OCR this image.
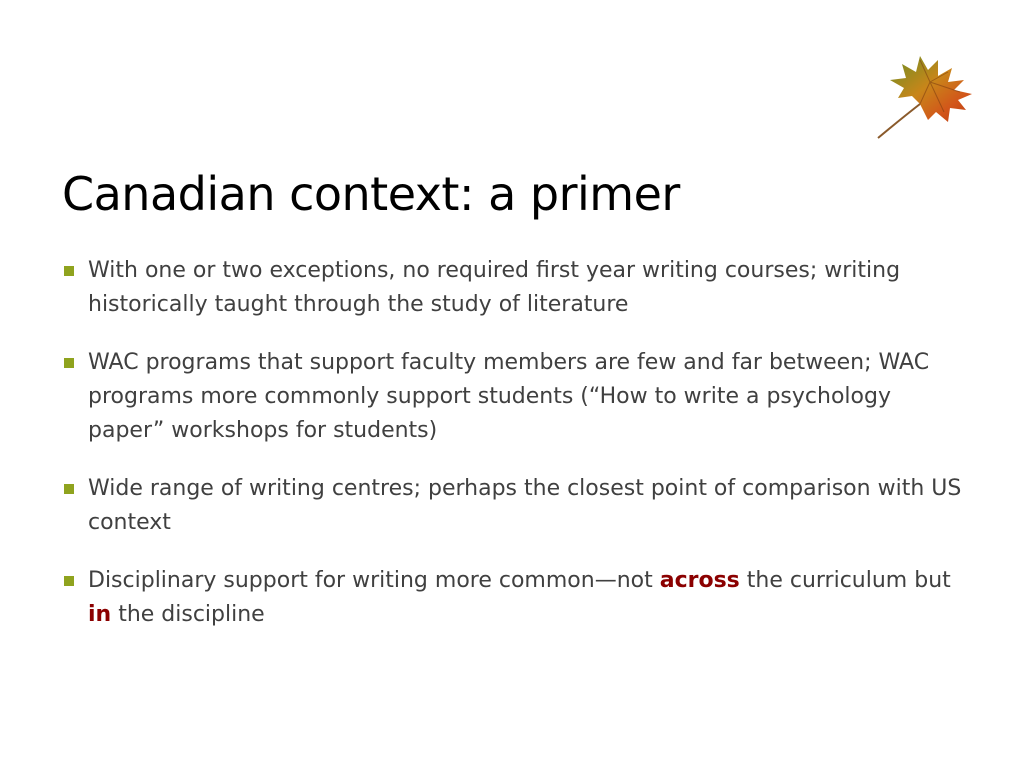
Canadian context: a primer
With one or two exceptions, no required first year writing courses; writing historically taught through the study of literature
WAC programs that support faculty members are few and far between; WAC programs more commonly support students (“How to write a psychology paper” workshops for students)
Wide range of writing centres; perhaps the closest point of comparison with US context
Disciplinary support for writing more common—not across the curriculum but in the discipline
